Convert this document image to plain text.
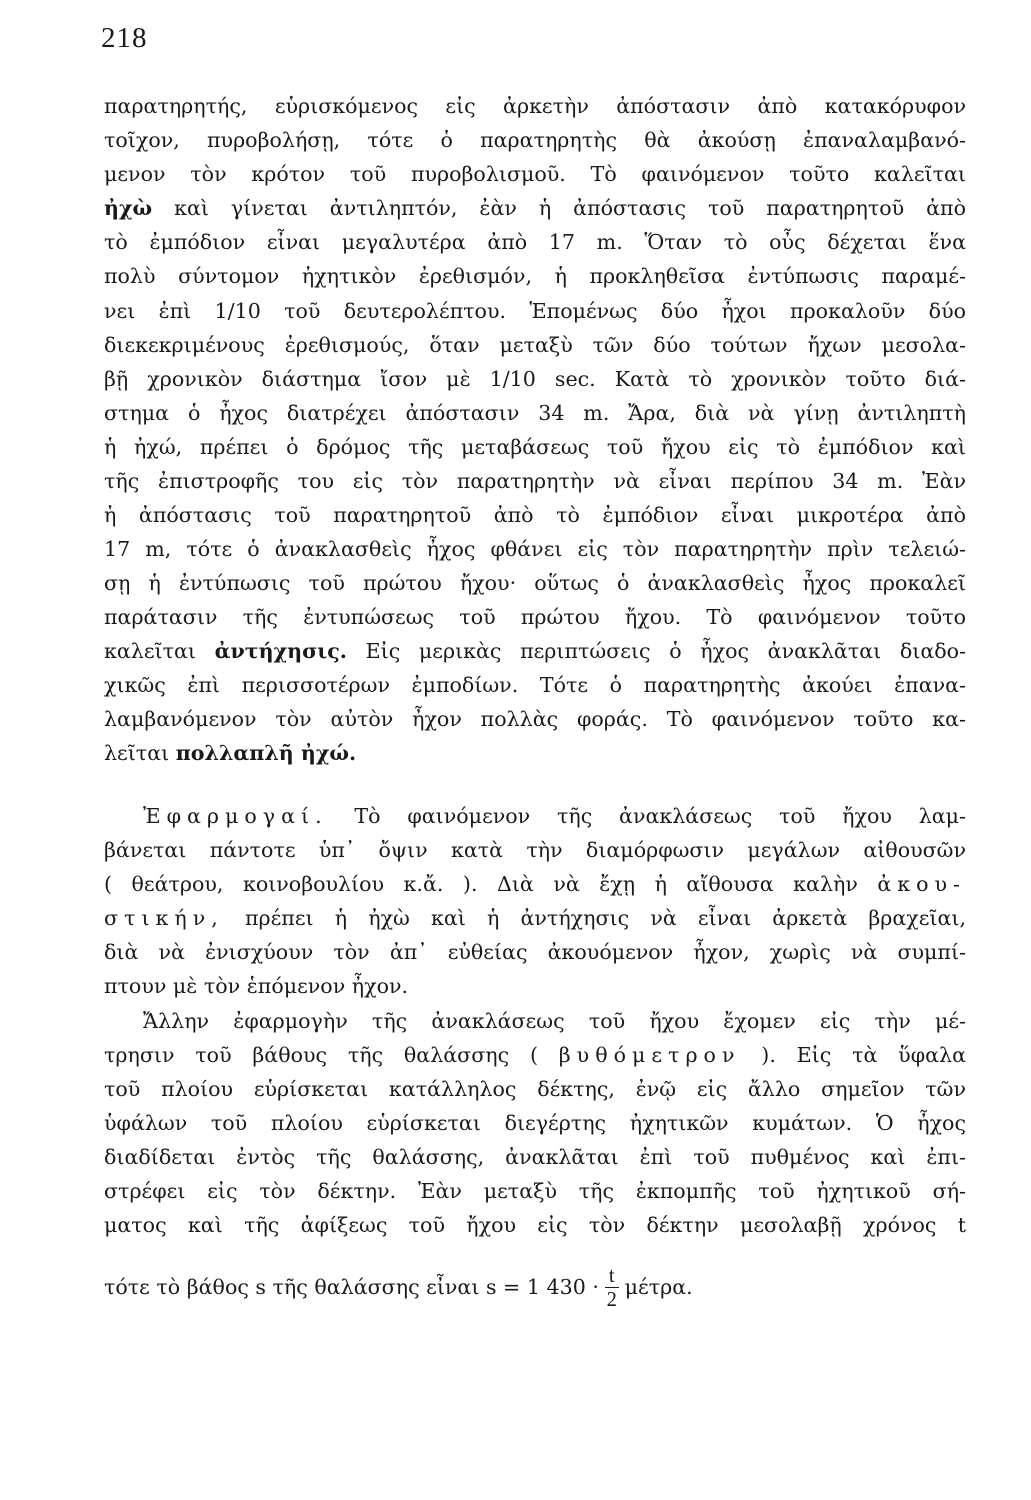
218
παρατηρητής, εὑρισκόμενος εἰς ἀρκετὴν ἀπόστασιν ἀπὸ κατακόρυφον
τοῖχον, πυροβολήσῃ, τότε ὁ παρατηρητὴς θὰ ἀκούσῃ ἐπαναλαμβανό-
μενον τὸν κρότον τοῦ πυροβολισμοῦ. Τὸ φαινόμενον τοῦτο καλεῖται
ἠχὼ καὶ γίνεται ἀντιληπτόν, ἐὰν ἡ ἀπόστασις τοῦ παρατηρητοῦ ἀπὸ
τὸ ἐμπόδιον εἶναι μεγαλυτέρα ἀπὸ 17 m. Ὅταν τὸ οὖς δέχεται ἕνα
πολὺ σύντομον ἠχητικὸν ἐρεθισμόν, ἡ προκληθεῖσα ἐντύπωσις παραμέ-
νει ἐπὶ 1/10 τοῦ δευτερολέπτου. Ἑπομένως δύο ἦχοι προκαλοῦν δύο
διεκεκριμένους ἐρεθισμούς, ὅταν μεταξὺ τῶν δύο τούτων ἤχων μεσολα-
βῇ χρονικὸν διάστημα ἴσον μὲ 1/10 sec. Κατὰ τὸ χρονικὸν τοῦτο διά-
στημα ὁ ἦχος διατρέχει ἀπόστασιν 34 m. Ἄρα, διὰ νὰ γίνῃ ἀντιληπτὴ
ἡ ἠχώ, πρέπει ὁ δρόμος τῆς μεταβάσεως τοῦ ἤχου εἰς τὸ ἐμπόδιον καὶ
τῆς ἐπιστροφῆς του εἰς τὸν παρατηρητὴν νὰ εἶναι περίπου 34 m. Ἐὰν
ἡ ἀπόστασις τοῦ παρατηρητοῦ ἀπὸ τὸ ἐμπόδιον εἶναι μικροτέρα ἀπὸ
17 m, τότε ὁ ἀνακλασθεὶς ἦχος φθάνει εἰς τὸν παρατηρητὴν πρὶν τελειώ-
σῃ ἡ ἐντύπωσις τοῦ πρώτου ἤχου· οὕτως ὁ ἀνακλασθεὶς ἦχος προκαλεῖ
παράτασιν τῆς ἐντυπώσεως τοῦ πρώτου ἤχου. Τὸ φαινόμενον τοῦτο
καλεῖται ἀντήχησις. Εἰς μερικὰς περιπτώσεις ὁ ἦχος ἀνακλᾶται διαδο-
χικῶς ἐπὶ περισσοτέρων ἐμποδίων. Τότε ὁ παρατηρητὴς ἀκούει ἐπανα-
λαμβανόμενον τὸν αὐτὸν ἦχον πολλὰς φοράς. Τὸ φαινόμενον τοῦτο κα-
λεῖται πολλαπλῆ ἠχώ.
Ἐφαρμογαί. Τὸ φαινόμενον τῆς ἀνακλάσεως τοῦ ἤχου λαμ-
βάνεται πάντοτε ὑπ᾽ ὄψιν κατὰ τὴν διαμόρφωσιν μεγάλων αἰθουσῶν
( θεάτρου, κοινοβουλίου κ.ἄ. ). Διὰ νὰ ἔχῃ ἡ αἴθουσα καλὴν ἀκου-
στικήν, πρέπει ἡ ἠχὼ καὶ ἡ ἀντήχησις νὰ εἶναι ἀρκετὰ βραχεῖαι,
διὰ νὰ ἐνισχύουν τὸν ἀπ᾽ εὐθείας ἀκουόμενον ἦχον, χωρὶς νὰ συμπί-
πτουν μὲ τὸν ἑπόμενον ἦχον.
Ἄλλην ἐφαρμογὴν τῆς ἀνακλάσεως τοῦ ἤχου ἔχομεν εἰς τὴν μέ-
τρησιν τοῦ βάθους τῆς θαλάσσης ( βυθόμετρον ). Εἰς τὰ ὕφαλα
τοῦ πλοίου εὑρίσκεται κατάλληλος δέκτης, ἐνῷ εἰς ἄλλο σημεῖον τῶν
ὑφάλων τοῦ πλοίου εὑρίσκεται διεγέρτης ἠχητικῶν κυμάτων. Ὁ ἦχος
διαδίδεται ἐντὸς τῆς θαλάσσης, ἀνακλᾶται ἐπὶ τοῦ πυθμένος καὶ ἐπι-
στρέφει εἰς τὸν δέκτην. Ἐὰν μεταξὺ τῆς ἐκπομπῆς τοῦ ἠχητικοῦ σή-
ματος καὶ τῆς ἀφίξεως τοῦ ἤχου εἰς τὸν δέκτην μεσολαβῇ χρόνος t
τότε τὸ βάθος s τῆς θαλάσσης εἶναι s = 1 $430 \cdot \frac{t}{2} \mu έ\tau\rho\alpha$.
